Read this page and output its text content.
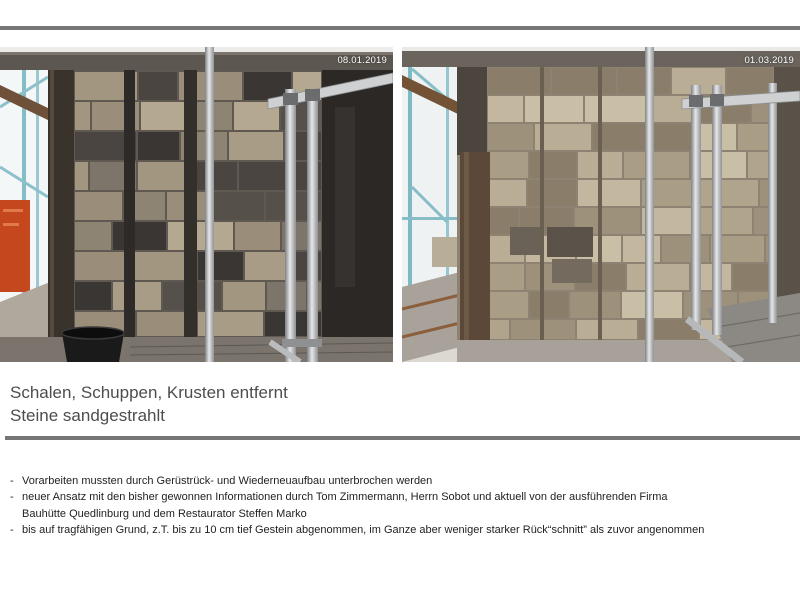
08.01.2019	01.03.2019
Schalen, Schuppen, Krusten entfernt
Steine sandgestrahlt
- Vorarbeiten mussten durch Gerüstrück- und Wiederneuaufbau unterbrochen werden
- neuer Ansatz mit den bisher gewonnen Informationen durch Tom Zimmermann, Herrn Sobot und aktuell von der ausführenden Firma
Bauhütte Quedlinburg und dem Restaurator Steffen Marko
- bis auf tragfähigen Grund, z.T. bis zu 10 cm tief Gestein abgenommen, im Ganze aber weniger starker Rück“schnitt” als zuvor angenommen
